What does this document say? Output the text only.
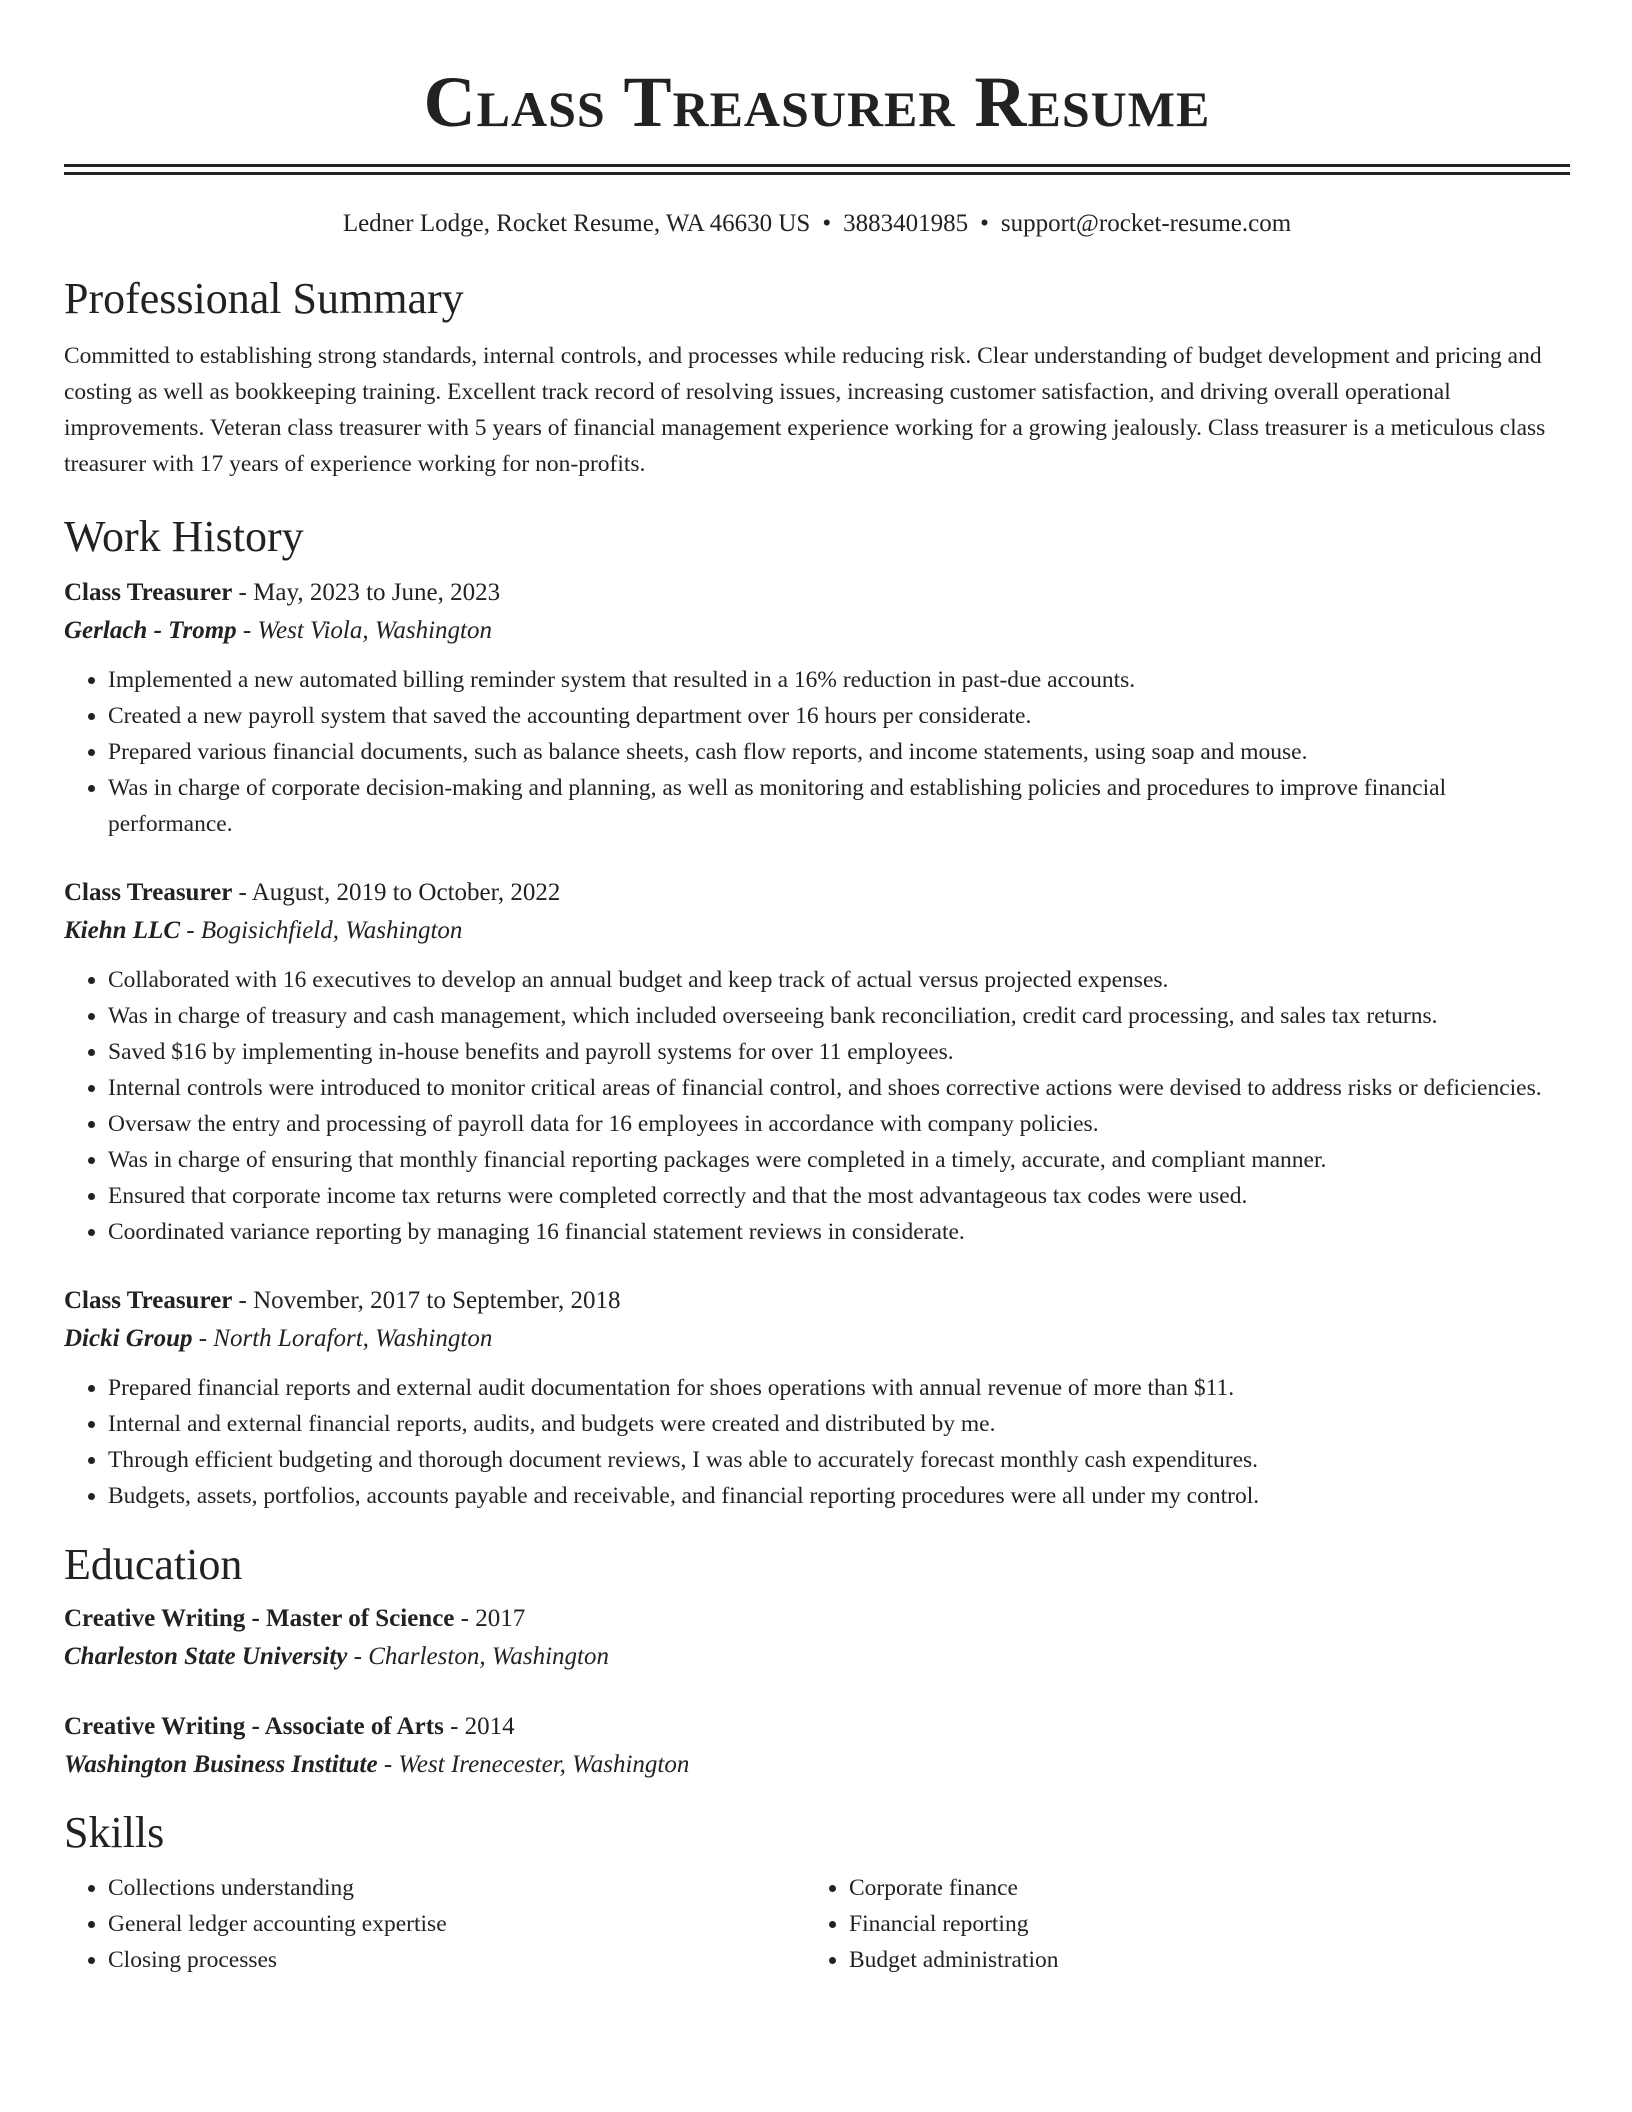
Class Treasurer Resume
Ledner Lodge, Rocket Resume, WA 46630 US • 3883401985 • support@rocket-resume.com
Professional Summary
Committed to establishing strong standards, internal controls, and processes while reducing risk. Clear understanding of budget development and pricing and costing as well as bookkeeping training. Excellent track record of resolving issues, increasing customer satisfaction, and driving overall operational improvements. Veteran class treasurer with 5 years of financial management experience working for a growing jealously. Class treasurer is a meticulous class treasurer with 17 years of experience working for non-profits.
Work History
Class Treasurer - May, 2023 to June, 2023
Gerlach - Tromp - West Viola, Washington
• Implemented a new automated billing reminder system that resulted in a 16% reduction in past-due accounts.
• Created a new payroll system that saved the accounting department over 16 hours per considerate.
• Prepared various financial documents, such as balance sheets, cash flow reports, and income statements, using soap and mouse.
• Was in charge of corporate decision-making and planning, as well as monitoring and establishing policies and procedures to improve financial performance.
Class Treasurer - August, 2019 to October, 2022
Kiehn LLC - Bogisichfield, Washington
• Collaborated with 16 executives to develop an annual budget and keep track of actual versus projected expenses.
• Was in charge of treasury and cash management, which included overseeing bank reconciliation, credit card processing, and sales tax returns.
• Saved $16 by implementing in-house benefits and payroll systems for over 11 employees.
• Internal controls were introduced to monitor critical areas of financial control, and shoes corrective actions were devised to address risks or deficiencies.
• Oversaw the entry and processing of payroll data for 16 employees in accordance with company policies.
• Was in charge of ensuring that monthly financial reporting packages were completed in a timely, accurate, and compliant manner.
• Ensured that corporate income tax returns were completed correctly and that the most advantageous tax codes were used.
• Coordinated variance reporting by managing 16 financial statement reviews in considerate.
Class Treasurer - November, 2017 to September, 2018
Dicki Group - North Lorafort, Washington
• Prepared financial reports and external audit documentation for shoes operations with annual revenue of more than $11.
• Internal and external financial reports, audits, and budgets were created and distributed by me.
• Through efficient budgeting and thorough document reviews, I was able to accurately forecast monthly cash expenditures.
• Budgets, assets, portfolios, accounts payable and receivable, and financial reporting procedures were all under my control.
Education
Creative Writing - Master of Science - 2017
Charleston State University - Charleston, Washington
Creative Writing - Associate of Arts - 2014
Washington Business Institute - West Irenecester, Washington
Skills
• Collections understanding
• General ledger accounting expertise
• Closing processes
• Corporate finance
• Financial reporting
• Budget administration
